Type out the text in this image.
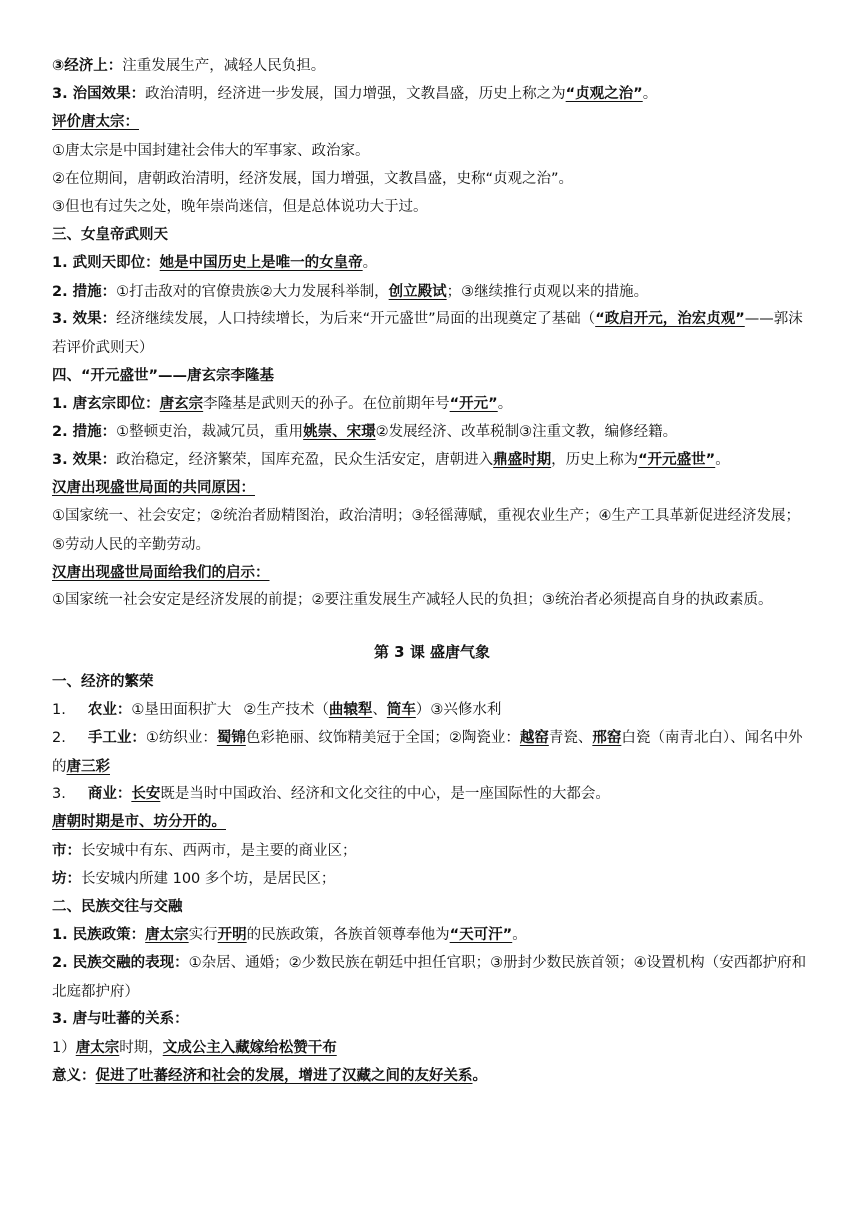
③经济上：注重发展生产，减轻人民负担。
3. 治国效果：政治清明，经济进一步发展，国力增强，文教昌盛，历史上称之为“贞观之治”。
评价唐太宗：
①唐太宗是中国封建社会伟大的军事家、政治家。
②在位期间，唐朝政治清明，经济发展，国力增强，文教昌盛，史称“贞观之治”。
③但也有过失之处，晚年崇尚迷信，但是总体说功大于过。
三、女皇帝武则天
1. 武则天即位：她是中国历史上是唯一的女皇帝。
2. 措施：①打击敌对的官僚贵族②大力发展科举制，创立殿试；③继续推行贞观以来的措施。
3. 效果：经济继续发展，人口持续增长，为后来“开元盛世”局面的出现奠定了基础（“政启开元，治宏贞观”——郭沫若评价武则天）
四、“开元盛世”——唐玄宗李隆基
1. 唐玄宗即位：唐玄宗李隆基是武则天的孙子。在位前期年号“开元”。
2. 措施：①整顿吏治，裁减冗员，重用姚崇、宋璟②发展经济、改革税制③注重文教，编修经籍。
3. 效果：政治稳定，经济繁荣，国库充盈，民众生活安定，唐朝进入鼎盛时期，历史上称为“开元盛世”。
汉唐出现盛世局面的共同原因：
①国家统一、社会安定；②统治者励精图治，政治清明；③轻徭薄赋，重视农业生产；④生产工具革新促进经济发展；⑤劳动人民的辛勤劳动。
汉唐出现盛世局面给我们的启示：
①国家统一社会安定是经济发展的前提；②要注重发展生产减轻人民的负担；③统治者必须提高自身的执政素质。
第 3 课 盛唐气象
一、经济的繁荣
1. 农业：①垦田面积扩大 ②生产技术（曲辕犁、筒车）③兴修水利
2. 手工业：①纺织业：蜀锦色彩艳丽、纹饰精美冠于全国；②陶瓷业：越窑青瓷、邢窑白瓷（南青北白）、闻名中外的唐三彩
3. 商业：长安既是当时中国政治、经济和文化交往的中心，是一座国际性的大都会。
唐朝时期是市、坊分开的。
市：长安城中有东、西两市，是主要的商业区；
坊：长安城内所建 100 多个坊，是居民区；
二、民族交往与交融
1. 民族政策：唐太宗实行开明的民族政策，各族首领尊奉他为“天可汗”。
2. 民族交融的表现：①杂居、通婚；②少数民族在朝廷中担任官职；③册封少数民族首领；④设置机构（安西都护府和北庭都护府）
3. 唐与吐蕃的关系：
1）唐太宗时期，文成公主入藏嫁给松赞干布
意义：促进了吐蕃经济和社会的发展，增进了汉藏之间的友好关系。
